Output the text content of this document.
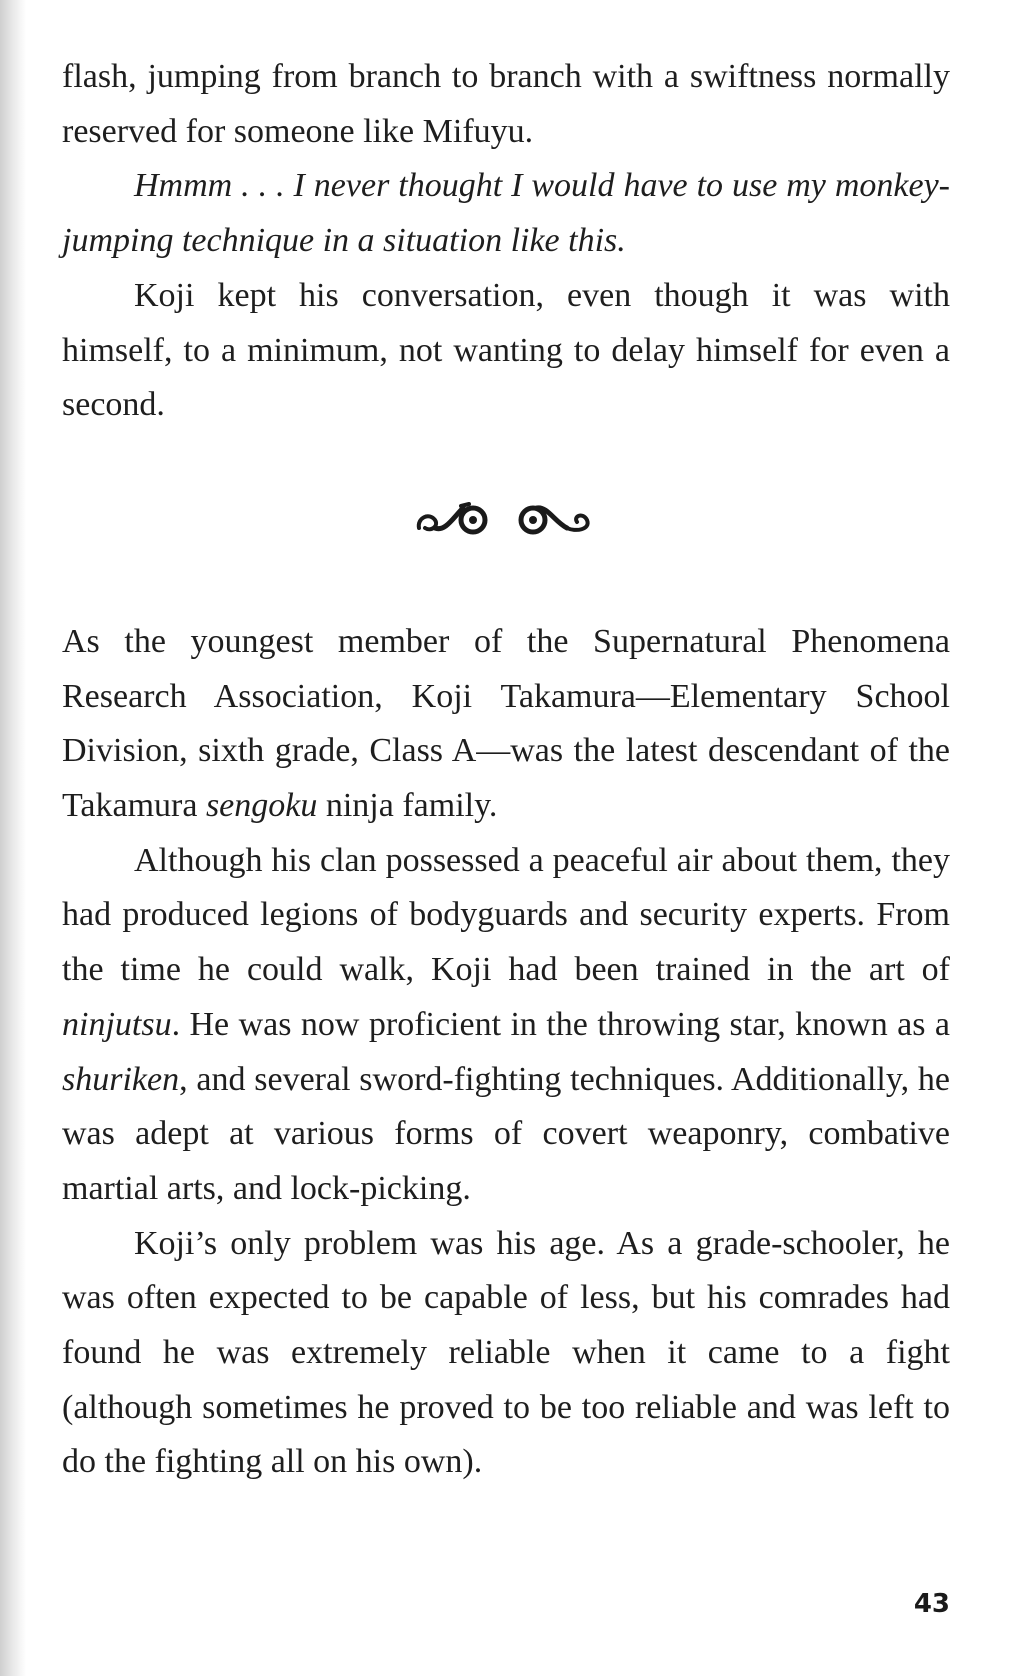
flash, jumping from branch to branch with a swiftness normally reserved for someone like Mifuyu.

Hmmm . . . I never thought I would have to use my monkey-jumping technique in a situation like this.

Koji kept his conversation, even though it was with himself, to a minimum, not wanting to delay himself for even a second.

As the youngest member of the Supernatural Phenomena Research Association, Koji Takamura—Elementary School Division, sixth grade, Class A—was the latest descendant of the Takamura sengoku ninja family.

Although his clan possessed a peaceful air about them, they had produced legions of bodyguards and security experts. From the time he could walk, Koji had been trained in the art of ninjutsu. He was now proficient in the throwing star, known as a shuriken, and several sword-fighting techniques. Additionally, he was adept at various forms of covert weaponry, combative martial arts, and lock-picking.

Koji’s only problem was his age. As a grade-schooler, he was often expected to be capable of less, but his comrades had found he was extremely reliable when it came to a fight (although sometimes he proved to be too reliable and was left to do the fighting all on his own).

43
